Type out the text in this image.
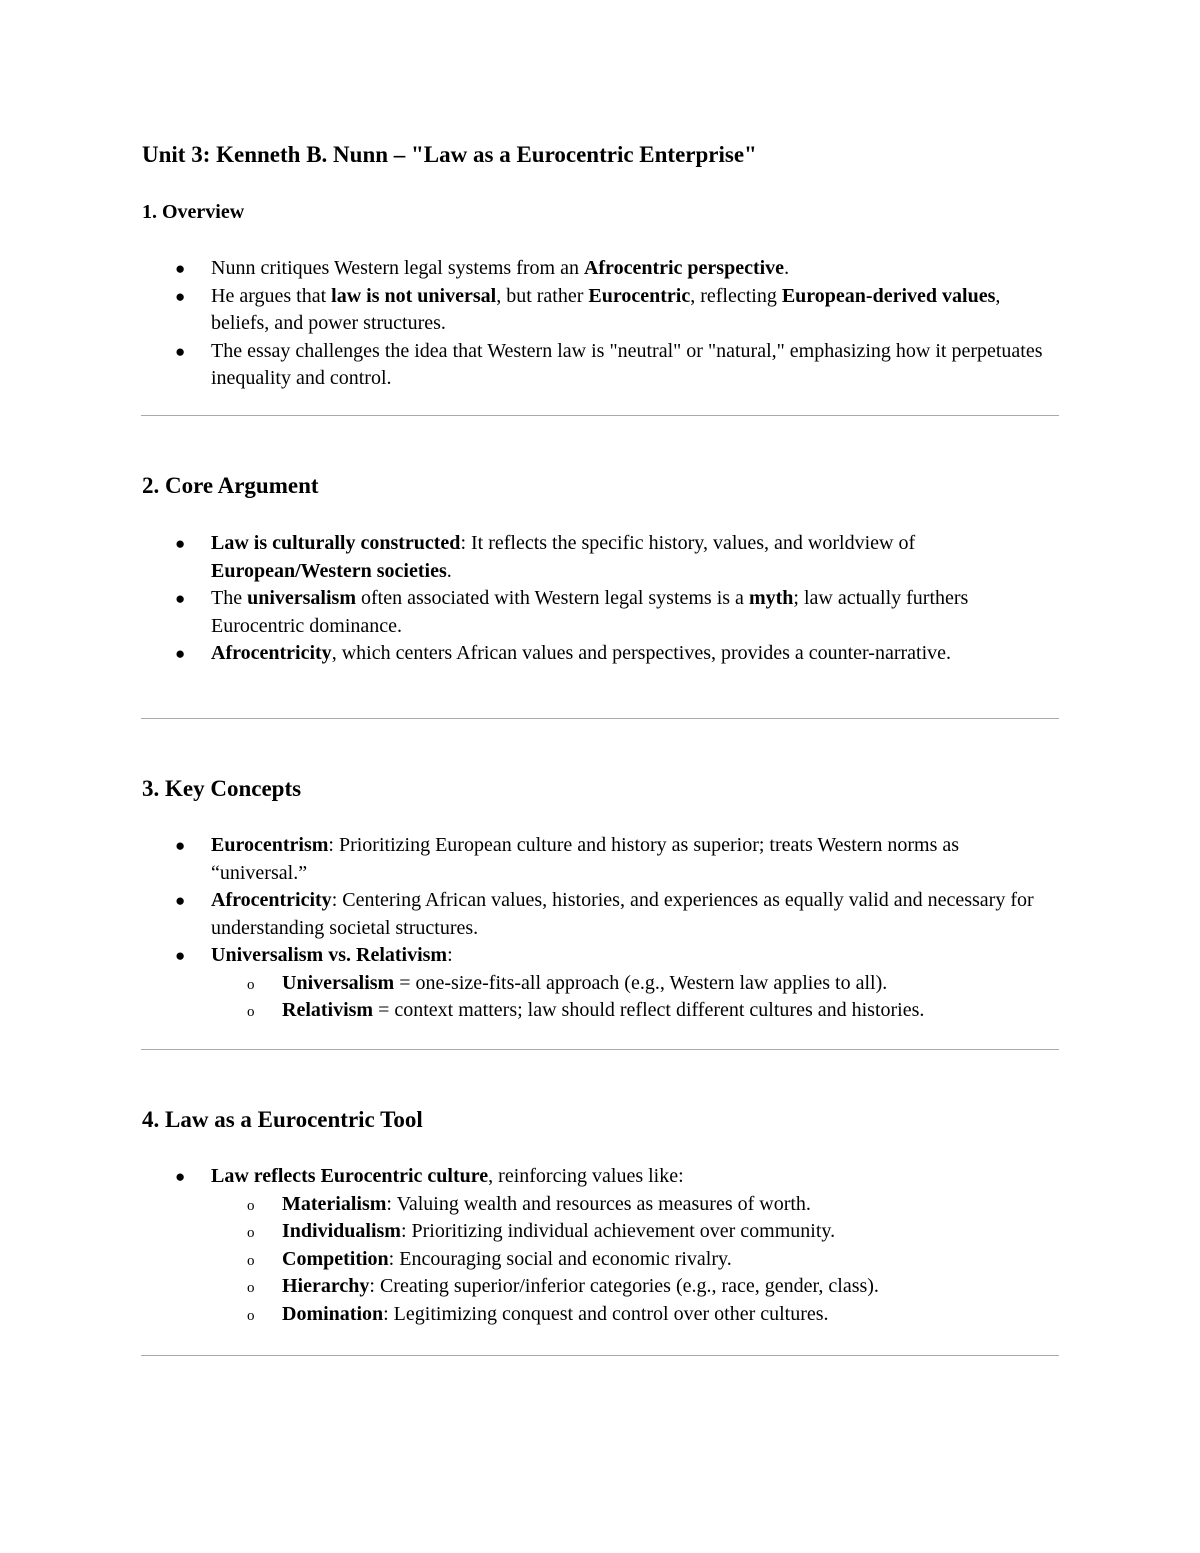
Unit 3: Kenneth B. Nunn – "Law as a Eurocentric Enterprise"
1. Overview
● Nunn critiques Western legal systems from an Afrocentric perspective.
● He argues that law is not universal, but rather Eurocentric, reflecting European-derived values, beliefs, and power structures.
● The essay challenges the idea that Western law is "neutral" or "natural," emphasizing how it perpetuates inequality and control.
2. Core Argument
● Law is culturally constructed: It reflects the specific history, values, and worldview of European/Western societies.
● The universalism often associated with Western legal systems is a myth; law actually furthers Eurocentric dominance.
● Afrocentricity, which centers African values and perspectives, provides a counter-narrative.
3. Key Concepts
● Eurocentrism: Prioritizing European culture and history as superior; treats Western norms as “universal.”
● Afrocentricity: Centering African values, histories, and experiences as equally valid and necessary for understanding societal structures.
● Universalism vs. Relativism:
o Universalism = one-size-fits-all approach (e.g., Western law applies to all).
o Relativism = context matters; law should reflect different cultures and histories.
4. Law as a Eurocentric Tool
● Law reflects Eurocentric culture, reinforcing values like:
o Materialism: Valuing wealth and resources as measures of worth.
o Individualism: Prioritizing individual achievement over community.
o Competition: Encouraging social and economic rivalry.
o Hierarchy: Creating superior/inferior categories (e.g., race, gender, class).
o Domination: Legitimizing conquest and control over other cultures.
